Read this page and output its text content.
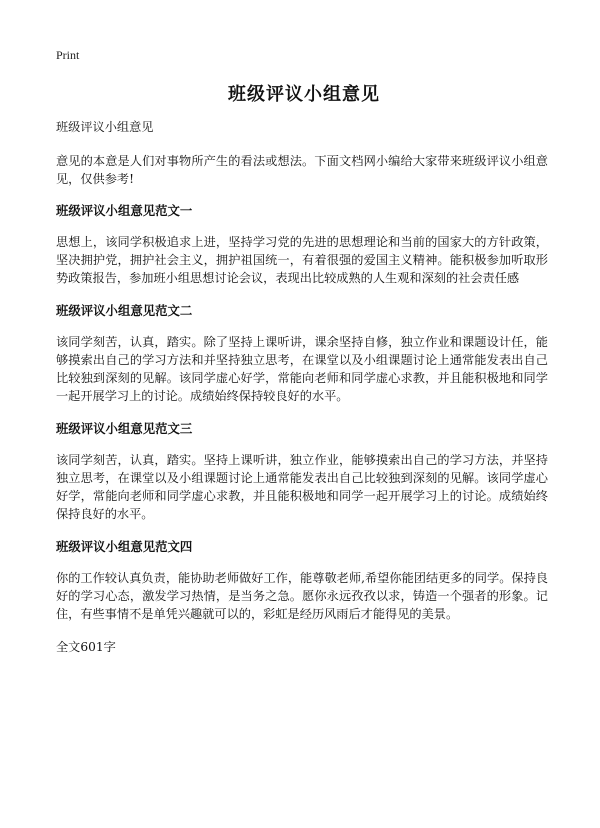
Print
班级评议小组意见

班级评议小组意见

意见的本意是人们对事物所产生的看法或想法。下面文档网小编给大家带来班级评议小组意见，仅供参考!

班级评议小组意见范文一

思想上，该同学积极追求上进，坚持学习党的先进的思想理论和当前的国家大的方针政策，坚决拥护党，拥护社会主义，拥护祖国统一，有着很强的爱国主义精神。能积极参加听取形势政策报告，参加班小组思想讨论会议，表现出比较成熟的人生观和深刻的社会责任感

班级评议小组意见范文二

该同学刻苦，认真，踏实。除了坚持上课听讲，课余坚持自修，独立作业和课题设计任，能够摸索出自己的学习方法和并坚持独立思考，在课堂以及小组课题讨论上通常能发表出自己比较独到深刻的见解。该同学虚心好学，常能向老师和同学虚心求教，并且能积极地和同学一起开展学习上的讨论。成绩始终保持较良好的水平。

班级评议小组意见范文三

该同学刻苦，认真，踏实。坚持上课听讲，独立作业，能够摸索出自己的学习方法，并坚持独立思考，在课堂以及小组课题讨论上通常能发表出自己比较独到深刻的见解。该同学虚心好学，常能向老师和同学虚心求教，并且能积极地和同学一起开展学习上的讨论。成绩始终保持良好的水平。

班级评议小组意见范文四

你的工作较认真负责，能协助老师做好工作，能尊敬老师,希望你能团结更多的同学。保持良好的学习心态，激发学习热情，是当务之急。愿你永远孜孜以求，铸造一个强者的形象。记住，有些事情不是单凭兴趣就可以的，彩虹是经历风雨后才能得见的美景。

全文601字
